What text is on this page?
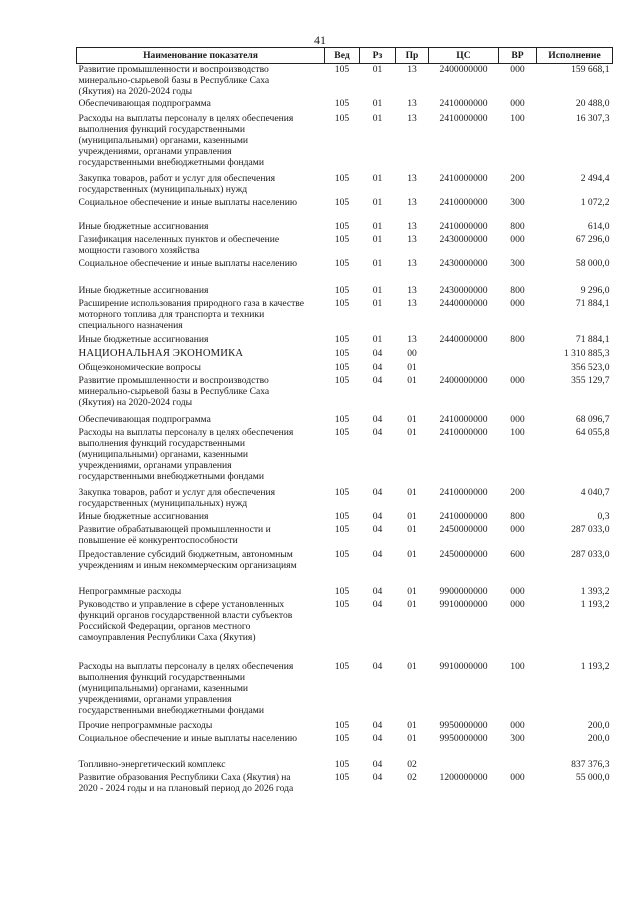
41
Наименование показателя	Вед	Рз	Пр	ЦС	ВР	Исполнение
Развитие промышленности и воспроизводство
минерально-сырьевой базы в Республике Саха
(Якутия) на 2020-2024 годы	105	01	13	2400000000	000	159 668,1
Обеспечивающая подпрограмма	105	01	13	2410000000	000	20 488,0
Расходы на выплаты персоналу в целях обеспечения
выполнения функций государственными
(муниципальными) органами, казенными
учреждениями, органами управления
государственными внебюджетными фондами	105	01	13	2410000000	100	16 307,3
Закупка товаров, работ и услуг для обеспечения
государственных (муниципальных) нужд	105	01	13	2410000000	200	2 494,4
Социальное обеспечение и иные выплаты населению	105	01	13	2410000000	300	1 072,2
Иные бюджетные ассигнования	105	01	13	2410000000	800	614,0
Газификация населенных пунктов и обеспечение
мощности газового хозяйства	105	01	13	2430000000	000	67 296,0
Социальное обеспечение и иные выплаты населению	105	01	13	2430000000	300	58 000,0
Иные бюджетные ассигнования	105	01	13	2430000000	800	9 296,0
Расширение использования природного газа в качестве
моторного топлива для транспорта и техники
специального назначения	105	01	13	2440000000	000	71 884,1
Иные бюджетные ассигнования	105	01	13	2440000000	800	71 884,1
НАЦИОНАЛЬНАЯ ЭКОНОМИКА	105	04	00			1 310 885,3
Общеэкономические вопросы	105	04	01			356 523,0
Развитие промышленности и воспроизводство
минерально-сырьевой базы в Республике Саха
(Якутия) на 2020-2024 годы	105	04	01	2400000000	000	355 129,7
Обеспечивающая подпрограмма	105	04	01	2410000000	000	68 096,7
Расходы на выплаты персоналу в целях обеспечения
выполнения функций государственными
(муниципальными) органами, казенными
учреждениями, органами управления
государственными внебюджетными фондами	105	04	01	2410000000	100	64 055,8
Закупка товаров, работ и услуг для обеспечения
государственных (муниципальных) нужд	105	04	01	2410000000	200	4 040,7
Иные бюджетные ассигнования	105	04	01	2410000000	800	0,3
Развитие обрабатывающей промышленности и
повышение её конкурентоспособности	105	04	01	2450000000	000	287 033,0
Предоставление субсидий бюджетным, автономным
учреждениям и иным некоммерческим организациям	105	04	01	2450000000	600	287 033,0
Непрограммные расходы	105	04	01	9900000000	000	1 393,2
Руководство и управление в сфере установленных
функций органов государственной власти субъектов
Российской Федерации, органов местного
самоуправления Республики Саха (Якутия)	105	04	01	9910000000	000	1 193,2
Расходы на выплаты персоналу в целях обеспечения
выполнения функций государственными
(муниципальными) органами, казенными
учреждениями, органами управления
государственными внебюджетными фондами	105	04	01	9910000000	100	1 193,2
Прочие непрограммные расходы	105	04	01	9950000000	000	200,0
Социальное обеспечение и иные выплаты населению	105	04	01	9950000000	300	200,0
Топливно-энергетический комплекс	105	04	02			837 376,3
Развитие образования Республики Саха (Якутия) на
2020 - 2024 годы и на плановый период до 2026 года	105	04	02	1200000000	000	55 000,0
